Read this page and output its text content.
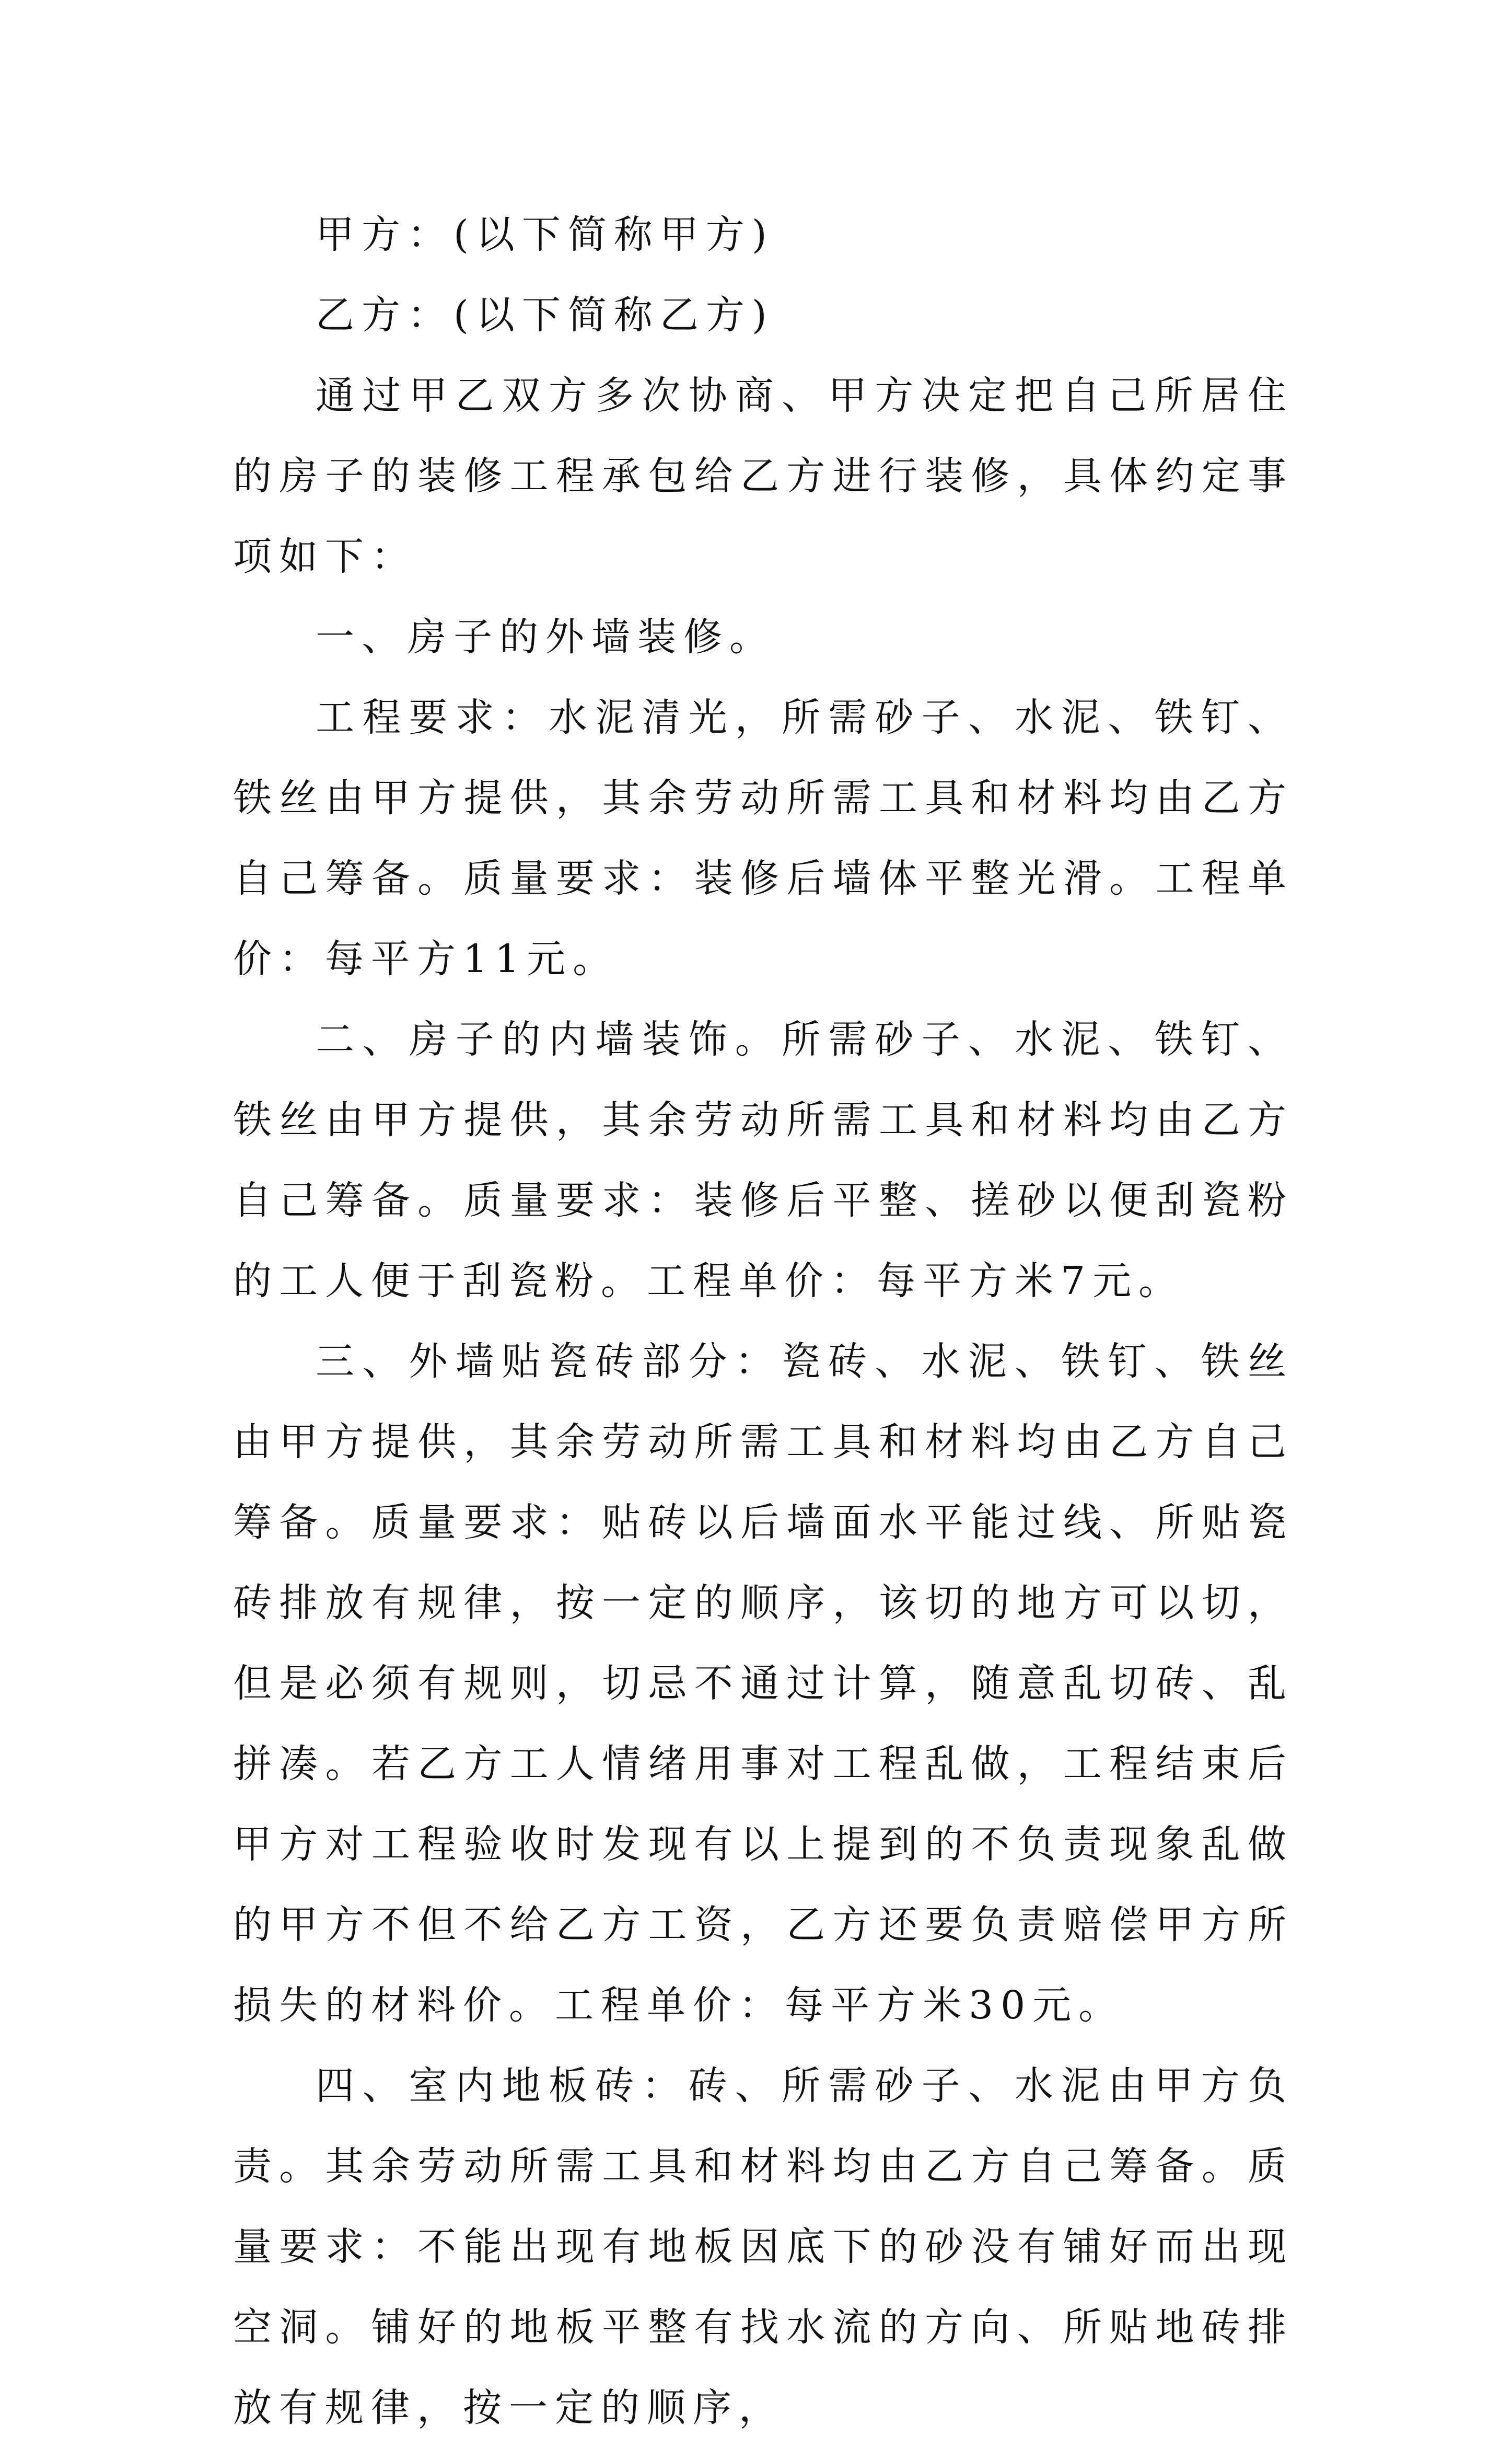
甲方：(以下简称甲方)

乙方：(以下简称乙方)

通过甲乙双方多次协商、甲方决定把自己所居住的房子的装修工程承包给乙方进行装修，具体约定事项如下：

一、房子的外墙装修。

工程要求：水泥清光，所需砂子、水泥、铁钉、铁丝由甲方提供，其余劳动所需工具和材料均由乙方自己筹备。质量要求：装修后墙体平整光滑。工程单价：每平方11元。

二、房子的内墙装饰。所需砂子、水泥、铁钉、铁丝由甲方提供，其余劳动所需工具和材料均由乙方自己筹备。质量要求：装修后平整、搓砂以便刮瓷粉的工人便于刮瓷粉。工程单价：每平方米7元。

三、外墙贴瓷砖部分：瓷砖、水泥、铁钉、铁丝由甲方提供，其余劳动所需工具和材料均由乙方自己筹备。质量要求：贴砖以后墙面水平能过线、所贴瓷砖排放有规律，按一定的顺序，该切的地方可以切，但是必须有规则，切忌不通过计算，随意乱切砖、乱拼凑。若乙方工人情绪用事对工程乱做，工程结束后甲方对工程验收时发现有以上提到的不负责现象乱做的甲方不但不给乙方工资，乙方还要负责赔偿甲方所损失的材料价。工程单价：每平方米30元。

四、室内地板砖：砖、所需砂子、水泥由甲方负责。其余劳动所需工具和材料均由乙方自己筹备。质量要求：不能出现有地板因底下的砂没有铺好而出现空洞。铺好的地板平整有找水流的方向、所贴地砖排放有规律，按一定的顺序，
